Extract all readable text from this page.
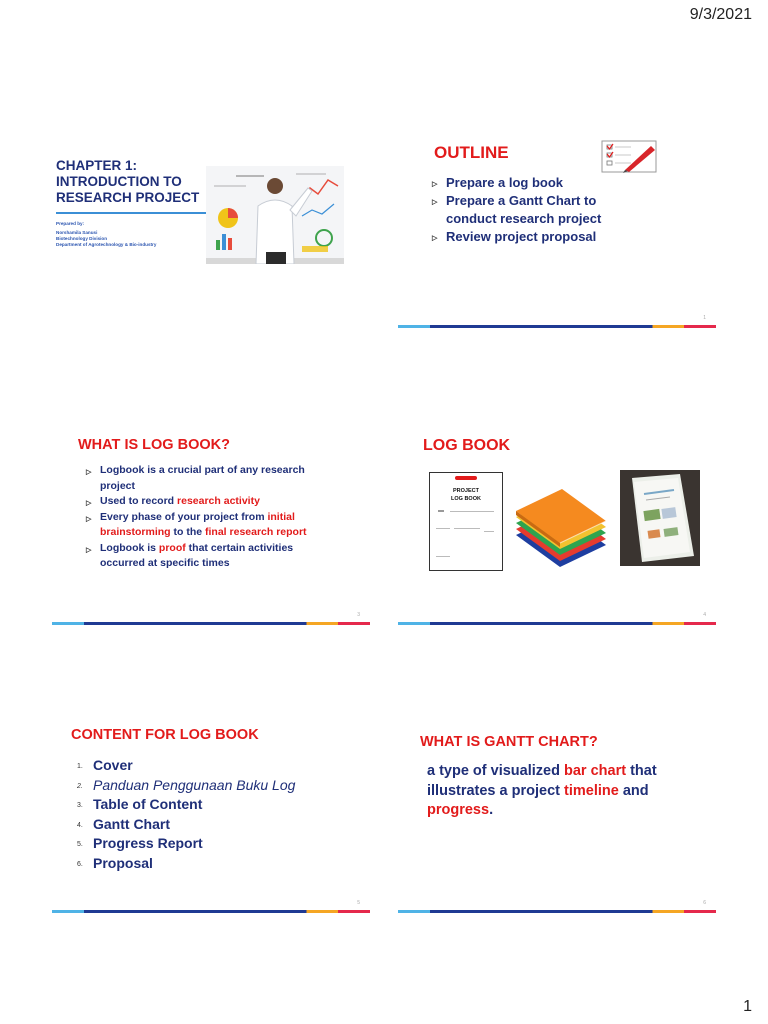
9/3/2021
CHAPTER 1:
INTRODUCTION TO
RESEARCH PROJECT
Prepared by:
Norshamila Sanusi
Biotechnology Division
Department of Agrotechnology & Bio-industry
OUTLINE
▷ Prepare a log book
▷ Prepare a Gantt Chart to conduct research project
▷ Review project proposal
1
WHAT IS LOG BOOK?
▷ Logbook is a crucial part of any research project
▷ Used to record research activity
▷ Every phase of your project from initial brainstorming to the final research report
▷ Logbook is proof that certain activities occurred at specific times
3
LOG BOOK
PROJECT
LOG BOOK
4
CONTENT FOR LOG BOOK
1. Cover
2. Panduan Penggunaan Buku Log
3. Table of Content
4. Gantt Chart
5. Progress Report
6. Proposal
5
WHAT IS GANTT CHART?
a type of visualized bar chart that illustrates a project timeline and progress.
6
1
